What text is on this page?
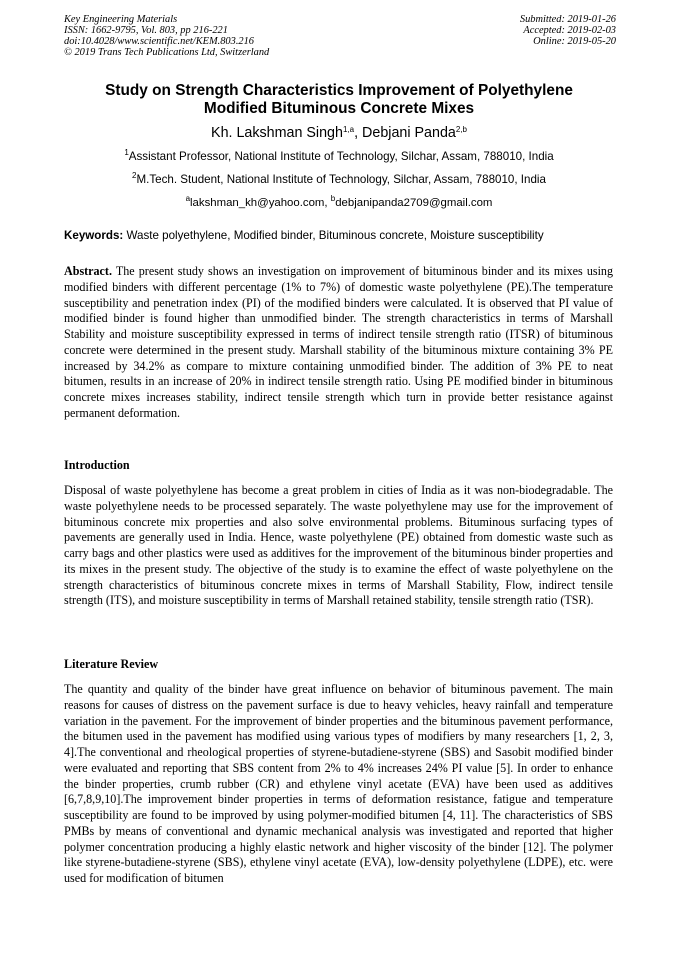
Key Engineering Materials
ISSN: 1662-9795, Vol. 803, pp 216-221
doi:10.4028/www.scientific.net/KEM.803.216
© 2019 Trans Tech Publications Ltd, Switzerland
Submitted: 2019-01-26
Accepted: 2019-02-03
Online: 2019-05-20
Study on Strength Characteristics Improvement of Polyethylene
Modified Bituminous Concrete Mixes
Kh. Lakshman Singh$^{1,a}$, Debjani Panda$^{2,b}$
$^1$Assistant Professor, National Institute of Technology, Silchar, Assam, 788010, India
$^2$M.Tech. Student, National Institute of Technology, Silchar, Assam, 788010, India
$^a$lakshman_kh@yahoo.com, $^b$debjanipanda2709@gmail.com
Keywords: Waste polyethylene, Modified binder, Bituminous concrete, Moisture susceptibility
Abstract. The present study shows an investigation on improvement of bituminous binder and its mixes using modified binders with different percentage (1% to 7%) of domestic waste polyethylene (PE).The temperature susceptibility and penetration index (PI) of the modified binders were calculated. It is observed that PI value of modified binder is found higher than unmodified binder. The strength characteristics in terms of Marshall Stability and moisture susceptibility expressed in terms of indirect tensile strength ratio (ITSR) of bituminous concrete were determined in the present study. Marshall stability of the bituminous mixture containing 3% PE increased by 34.2% as compare to mixture containing unmodified binder. The addition of 3% PE to neat bitumen, results in an increase of 20% in indirect tensile strength ratio. Using PE modified binder in bituminous concrete mixes increases stability, indirect tensile strength which turn in provide better resistance against permanent deformation.
Introduction
Disposal of waste polyethylene has become a great problem in cities of India as it was non-biodegradable. The waste polyethylene needs to be processed separately. The waste polyethylene may use for the improvement of bituminous concrete mix properties and also solve environmental problems. Bituminous surfacing types of pavements are generally used in India. Hence, waste polyethylene (PE) obtained from domestic waste such as carry bags and other plastics were used as additives for the improvement of the bituminous binder properties and its mixes in the present study. The objective of the study is to examine the effect of waste polyethylene on the strength characteristics of bituminous concrete mixes in terms of Marshall Stability, Flow, indirect tensile strength (ITS), and moisture susceptibility in terms of Marshall retained stability, tensile strength ratio (TSR).
Literature Review
The quantity and quality of the binder have great influence on behavior of bituminous pavement. The main reasons for causes of distress on the pavement surface is due to heavy vehicles, heavy rainfall and temperature variation in the pavement. For the improvement of binder properties and the bituminous pavement performance, the bitumen used in the pavement has modified using various types of modifiers by many researchers [1, 2, 3, 4].The conventional and rheological properties of styrene-butadiene-styrene (SBS) and Sasobit modified binder were evaluated and reporting that SBS content from 2% to 4% increases 24% PI value [5]. In order to enhance the binder properties, crumb rubber (CR) and ethylene vinyl acetate (EVA) have been used as additives [6,7,8,9,10].The improvement binder properties in terms of deformation resistance, fatigue and temperature susceptibility are found to be improved by using polymer-modified bitumen [4, 11]. The characteristics of SBS PMBs by means of conventional and dynamic mechanical analysis was investigated and reported that higher polymer concentration producing a highly elastic network and higher viscosity of the binder [12]. The polymer like styrene-butadiene-styrene (SBS), ethylene vinyl acetate (EVA), low-density polyethylene (LDPE), etc. were used for modification of bitumen
